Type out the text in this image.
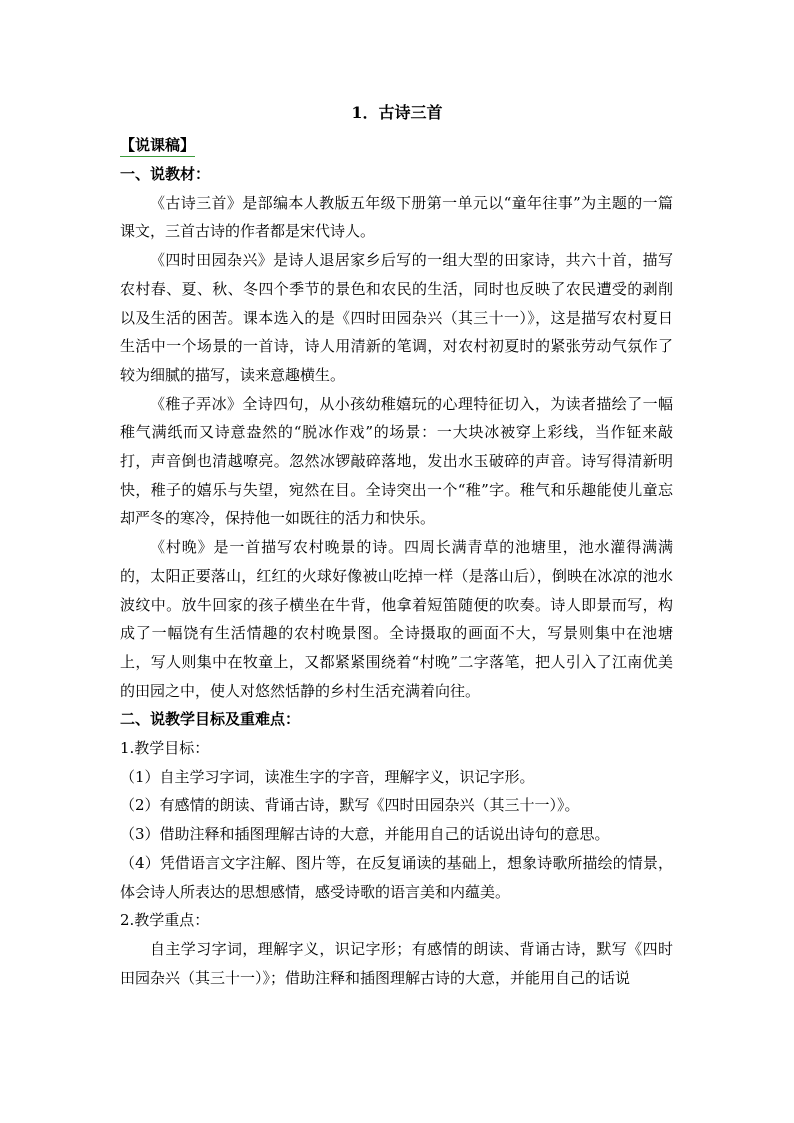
1．古诗三首
【说课稿】

一、说教材：

《古诗三首》是部编本人教版五年级下册第一单元以“童年往事”为主题的一篇课文，三首古诗的作者都是宋代诗人。

《四时田园杂兴》是诗人退居家乡后写的一组大型的田家诗，共六十首，描写农村春、夏、秋、冬四个季节的景色和农民的生活，同时也反映了农民遭受的剥削以及生活的困苦。课本选入的是《四时田园杂兴（其三十一）》，这是描写农村夏日生活中一个场景的一首诗，诗人用清新的笔调，对农村初夏时的紧张劳动气氛作了较为细腻的描写，读来意趣横生。

《稚子弄冰》全诗四句，从小孩幼稚嬉玩的心理特征切入，为读者描绘了一幅稚气满纸而又诗意盎然的“脱冰作戏”的场景：一大块冰被穿上彩线，当作钲来敲打，声音倒也清越嘹亮。忽然冰锣敲碎落地，发出水玉破碎的声音。诗写得清新明快，稚子的嬉乐与失望，宛然在目。全诗突出一个“稚”字。稚气和乐趣能使儿童忘却严冬的寒冷，保持他一如既往的活力和快乐。

《村晚》是一首描写农村晚景的诗。四周长满青草的池塘里，池水灌得满满的，太阳正要落山，红红的火球好像被山吃掉一样（是落山后），倒映在冰凉的池水波纹中。放牛回家的孩子横坐在牛背，他拿着短笛随便的吹奏。诗人即景而写，构成了一幅饶有生活情趣的农村晚景图。全诗摄取的画面不大，写景则集中在池塘上，写人则集中在牧童上，又都紧紧围绕着“村晚”二字落笔，把人引入了江南优美的田园之中，使人对悠然恬静的乡村生活充满着向往。

二、说教学目标及重难点：

1.教学目标：

（1）自主学习字词，读准生字的字音，理解字义，识记字形。

（2）有感情的朗读、背诵古诗，默写《四时田园杂兴（其三十一）》。

（3）借助注释和插图理解古诗的大意，并能用自己的话说出诗句的意思。

（4）凭借语言文字注解、图片等，在反复诵读的基础上，想象诗歌所描绘的情景，体会诗人所表达的思想感情，感受诗歌的语言美和内蕴美。

2.教学重点：

自主学习字词，理解字义，识记字形；有感情的朗读、背诵古诗，默写《四时田园杂兴（其三十一）》；借助注释和插图理解古诗的大意，并能用自己的话说
